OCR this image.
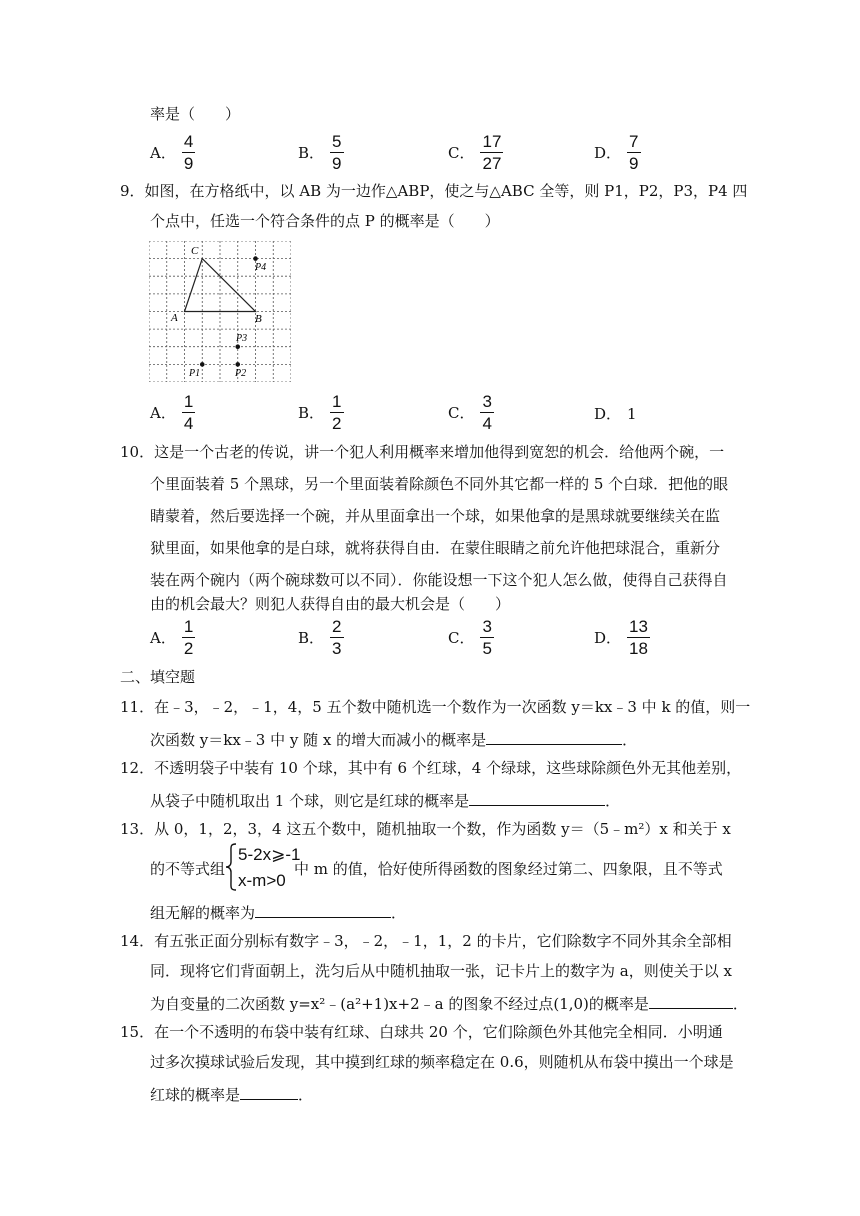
率是（　　）
A． $\frac{4}{9}$	B． $\frac{5}{9}$	C． $\frac{17}{27}$	D． $\frac{7}{9}$
9．如图，在方格纸中，以 AB 为一边作△ABP，使之与△ABC 全等，则 P1，P2，P3，P4 四
个点中，任选一个符合条件的点 P 的概率是（　　）
C
A	B
P4
P3
P1	P2
A． $\frac{1}{4}$	B． $\frac{1}{2}$	C． $\frac{3}{4}$	D． 1
10．这是一个古老的传说，讲一个犯人利用概率来增加他得到宽恕的机会．给他两个碗，一
个里面装着 5 个黑球，另一个里面装着除颜色不同外其它都一样的 5 个白球．把他的眼
睛蒙着，然后要选择一个碗，并从里面拿出一个球，如果他拿的是黑球就要继续关在监
狱里面，如果他拿的是白球，就将获得自由．在蒙住眼睛之前允许他把球混合，重新分
装在两个碗内（两个碗球数可以不同）．你能设想一下这个犯人怎么做，使得自己获得自
由的机会最大？则犯人获得自由的最大机会是（　　）
A． $\frac{1}{2}$	B． $\frac{2}{3}$	C． $\frac{3}{5}$	D． $\frac{13}{18}$
二、填空题
11．在﹣3，﹣2，﹣1，4，5 五个数中随机选一个数作为一次函数 y＝kx﹣3 中 k 的值，则一
次函数 y＝kx﹣3 中 y 随 x 的增大而减小的概率是	．
12．不透明袋子中装有 10 个球，其中有 6 个红球，4 个绿球，这些球除颜色外无其他差别，
从袋子中随机取出 1 个球，则它是红球的概率是	．
13．从 0，1，2，3，4 这五个数中，随机抽取一个数，作为函数 y＝（5﹣m²）x 和关于 x
的不等式组
5-2x⩾-1
x-m>0
中 m 的值，恰好使所得函数的图象经过第二、四象限，且不等式
组无解的概率为	．
14．有五张正面分别标有数字﹣3，﹣2，﹣1，1，2 的卡片，它们除数字不同外其余全部相
同．现将它们背面朝上，洗匀后从中随机抽取一张，记卡片上的数字为 a，则使关于以 x
为自变量的二次函数 y=x²﹣(a²+1)x+2﹣a 的图象不经过点(1,0)的概率是	．
15．在一个不透明的布袋中装有红球、白球共 20 个，它们除颜色外其他完全相同．小明通
过多次摸球试验后发现，其中摸到红球的频率稳定在 0.6，则随机从布袋中摸出一个球是
红球的概率是	．
